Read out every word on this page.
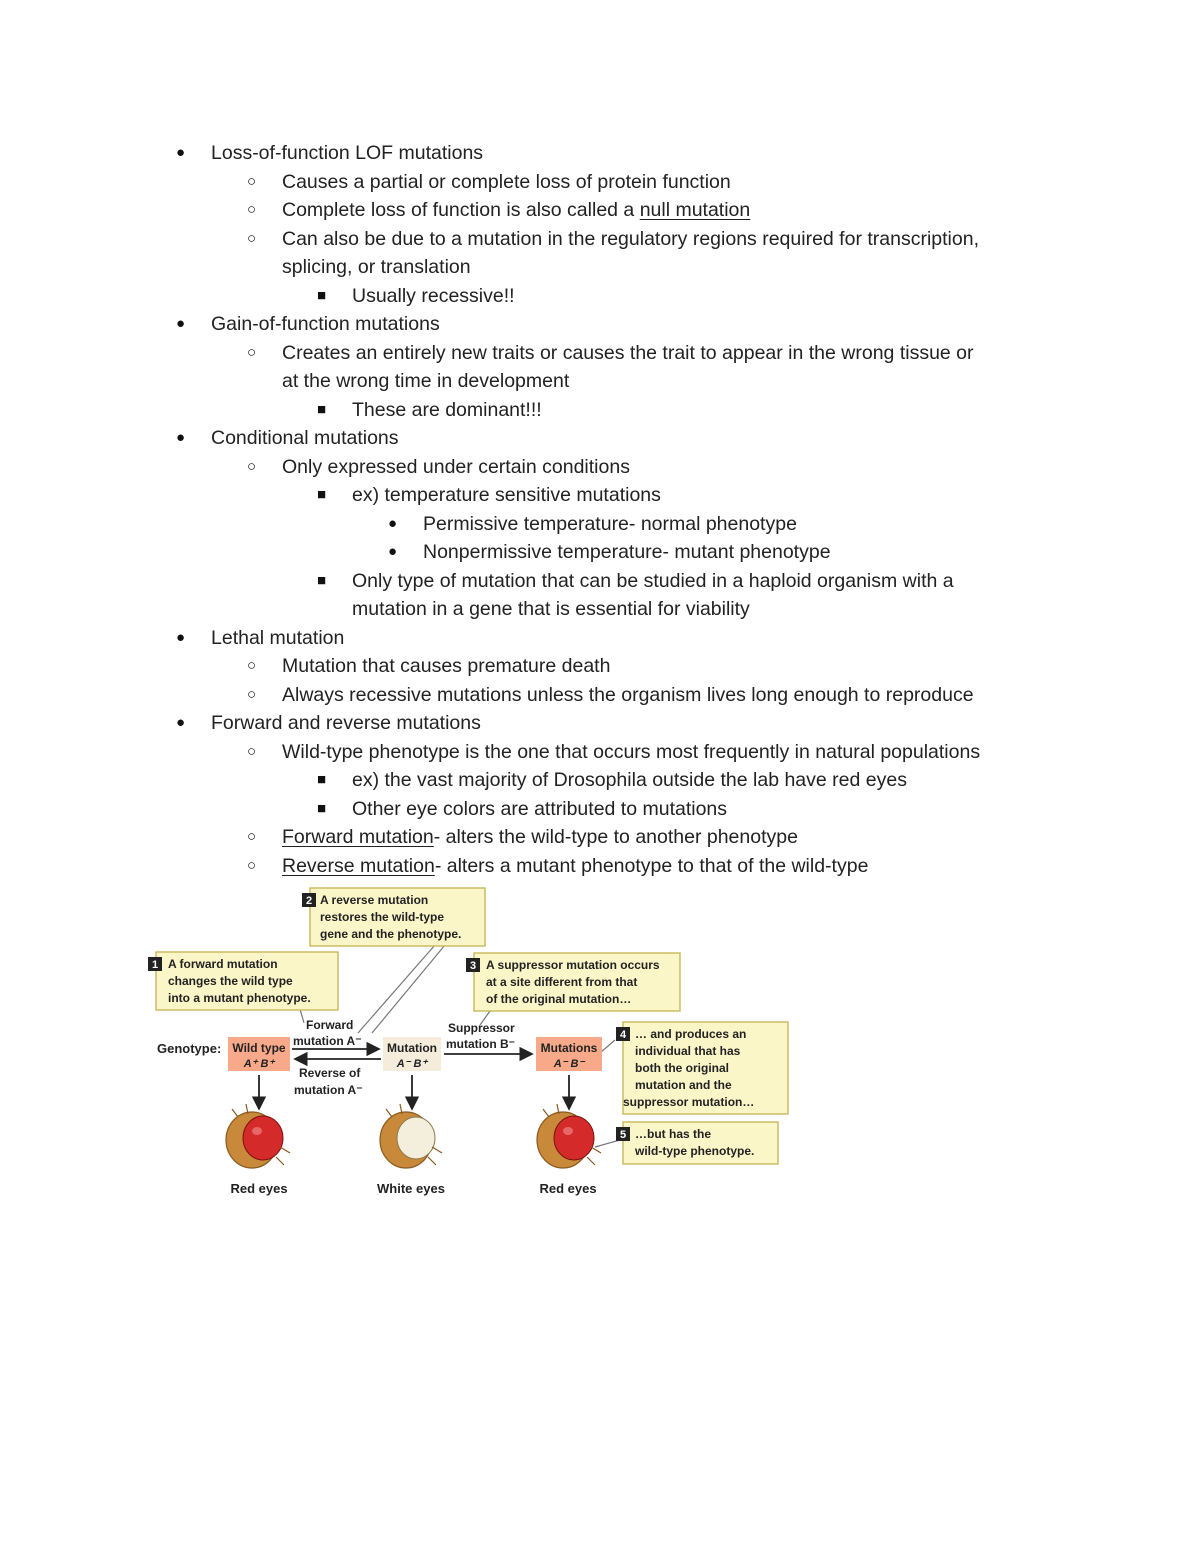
● Loss-of-function LOF mutations
○ Causes a partial or complete loss of protein function
○ Complete loss of function is also called a null mutation
○ Can also be due to a mutation in the regulatory regions required for transcription,
splicing, or translation
■ Usually recessive!!
● Gain-of-function mutations
○ Creates an entirely new traits or causes the trait to appear in the wrong tissue or
at the wrong time in development
■ These are dominant!!!
● Conditional mutations
○ Only expressed under certain conditions
■ ex) temperature sensitive mutations
● Permissive temperature- normal phenotype
● Nonpermissive temperature- mutant phenotype
■ Only type of mutation that can be studied in a haploid organism with a
mutation in a gene that is essential for viability
● Lethal mutation
○ Mutation that causes premature death
○ Always recessive mutations unless the organism lives long enough to reproduce
● Forward and reverse mutations
○ Wild-type phenotype is the one that occurs most frequently in natural populations
■ ex) the vast majority of Drosophila outside the lab have red eyes
■ Other eye colors are attributed to mutations
○ Forward mutation- alters the wild-type to another phenotype
○ Reverse mutation- alters a mutant phenotype to that of the wild-type
2 A reverse mutation
restores the wild-type
gene and the phenotype.
1 A forward mutation
changes the wild type
into a mutant phenotype.
3 A suppressor mutation occurs
at a site different from that
of the original mutation…
Genotype: Wild type
A⁺ B⁺
Mutation
A⁻ B⁺
Mutations
A⁻ B⁻
Forward
mutation A⁻
Reverse of
mutation A⁻
Suppressor
mutation B⁻
4 … and produces an
individual that has
both the original
mutation and the
suppressor mutation…
5 …but has the
wild-type phenotype.
Red eyes	White eyes	Red eyes
